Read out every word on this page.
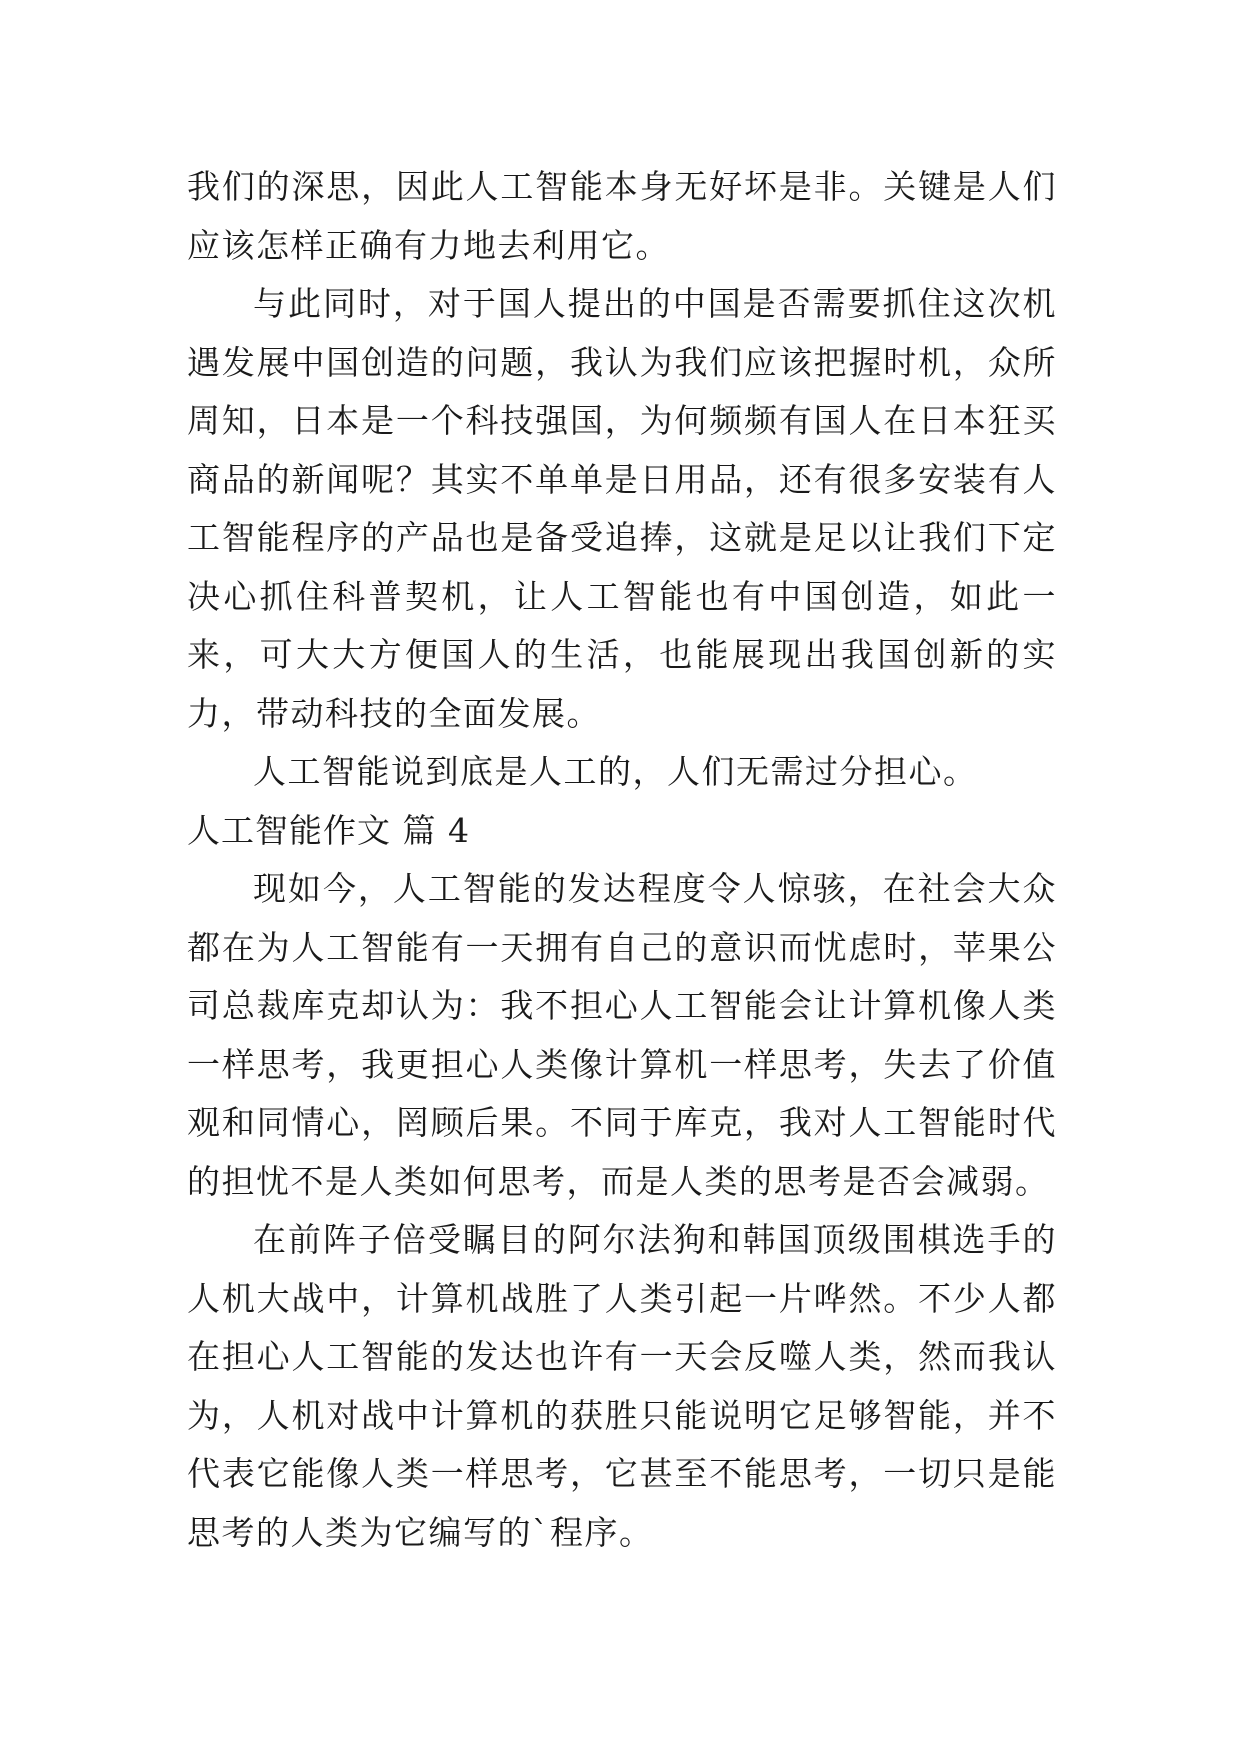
我们的深思，因此人工智能本身无好坏是非。关键是人们应该怎样正确有力地去利用它。

与此同时，对于国人提出的中国是否需要抓住这次机遇发展中国创造的问题，我认为我们应该把握时机，众所周知，日本是一个科技强国，为何频频有国人在日本狂买商品的新闻呢？其实不单单是日用品，还有很多安装有人工智能程序的产品也是备受追捧，这就是足以让我们下定决心抓住科普契机，让人工智能也有中国创造，如此一来，可大大方便国人的生活，也能展现出我国创新的实力，带动科技的全面发展。

人工智能说到底是人工的，人们无需过分担心。

人工智能作文 篇 4

现如今，人工智能的发达程度令人惊骇，在社会大众都在为人工智能有一天拥有自己的意识而忧虑时，苹果公司总裁库克却认为：我不担心人工智能会让计算机像人类一样思考，我更担心人类像计算机一样思考，失去了价值观和同情心，罔顾后果。不同于库克，我对人工智能时代的担忧不是人类如何思考，而是人类的思考是否会减弱。

在前阵子倍受瞩目的阿尔法狗和韩国顶级围棋选手的人机大战中，计算机战胜了人类引起一片哗然。不少人都在担心人工智能的发达也许有一天会反噬人类，然而我认为，人机对战中计算机的获胜只能说明它足够智能，并不代表它能像人类一样思考，它甚至不能思考，一切只是能思考的人类为它编写的`程序。
